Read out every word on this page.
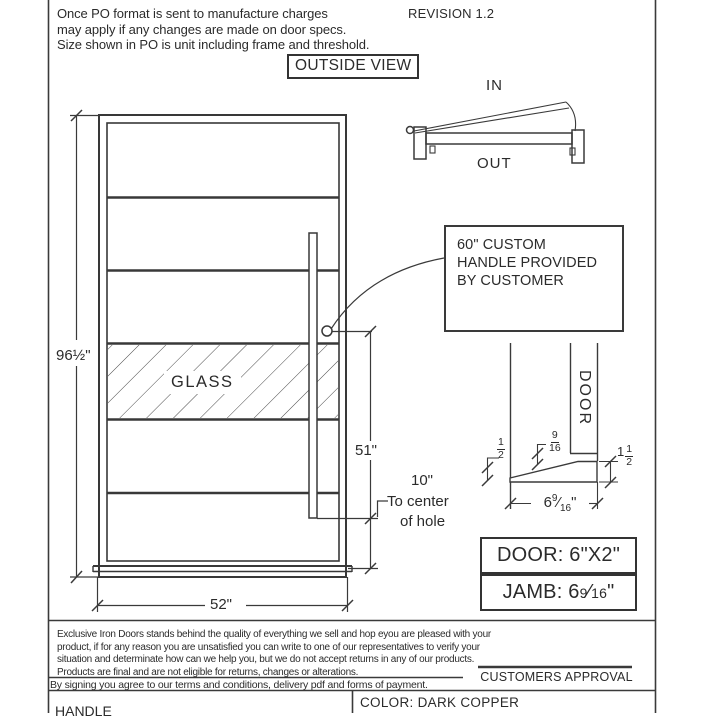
Once PO format is sent to manufacture charges
may apply if any changes are made on door specs.
Size shown in PO is unit including frame and threshold.
REVISION 1.2
OUTSIDE VIEW
IN
OUT
60" CUSTOM
HANDLE PROVIDED
BY CUSTOMER
GLASS
96½"
52"
51"
10"
To center
of hole
DOOR
9
16
1
2	1 1
2
$6^9⁄_{16}$"
DOOR: 6"X2"
JAMB: 6 9 ⁄ 16 "
Exclusive Iron Doors stands behind the quality of everything we sell and hop eyou are pleased with your
product, if for any reason you are unsatisfied you can write to one of our representatives to verify your
situation and determinate how can we help you, but we do not accept returns in any of our products.
Products are final and are not eligible for returns, changes or alterations.
By signing you agree to our terms and conditions, delivery pdf and forms of payment.
CUSTOMERS APPROVAL
COLOR: DARK COPPER
HANDLE
